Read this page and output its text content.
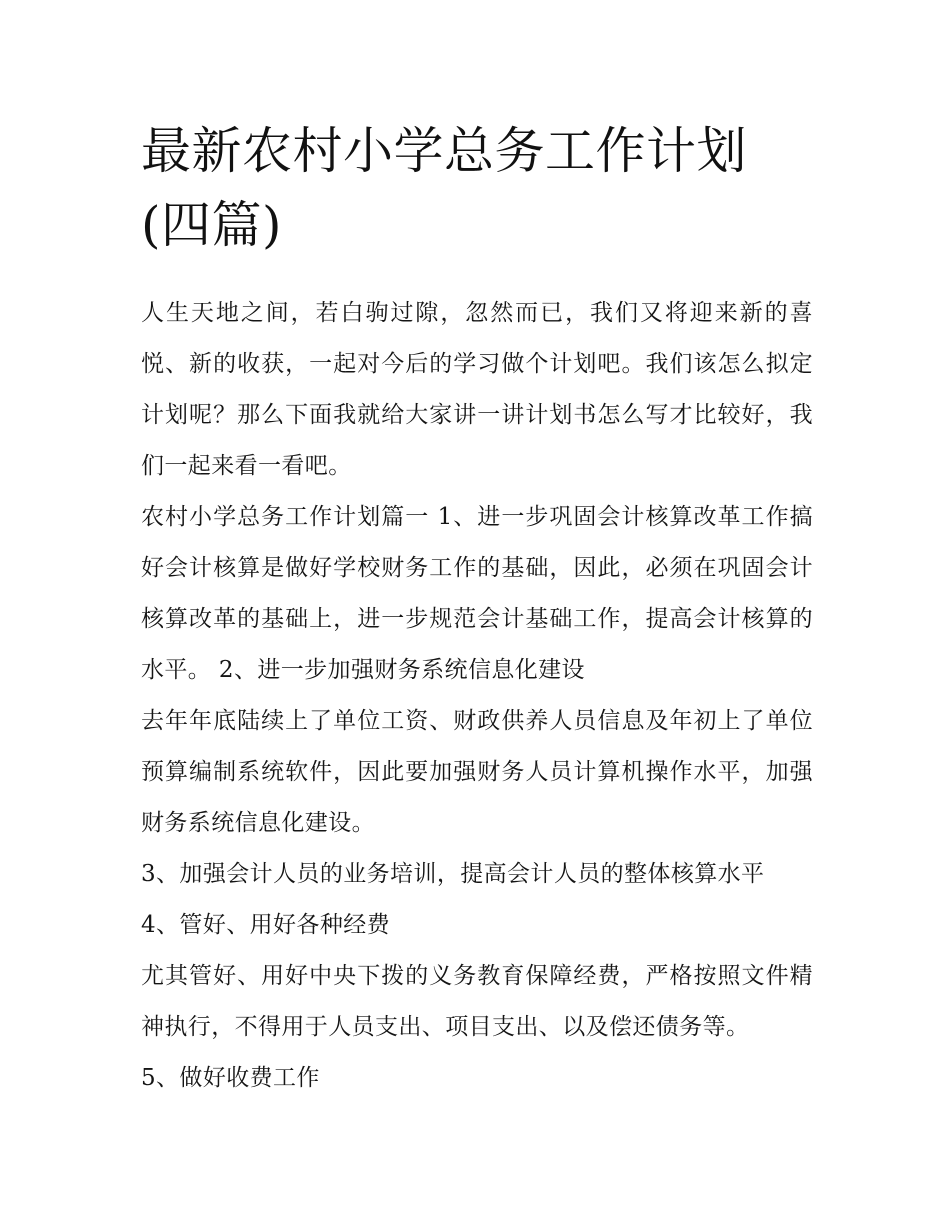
最新农村小学总务工作计划(四篇)

人生天地之间，若白驹过隙，忽然而已，我们又将迎来新的喜悦、新的收获，一起对今后的学习做个计划吧。我们该怎么拟定计划呢？那么下面我就给大家讲一讲计划书怎么写才比较好，我们一起来看一看吧。

农村小学总务工作计划篇一 1、进一步巩固会计核算改革工作搞好会计核算是做好学校财务工作的基础，因此，必须在巩固会计核算改革的基础上，进一步规范会计基础工作，提高会计核算的水平。 2、进一步加强财务系统信息化建设

去年年底陆续上了单位工资、财政供养人员信息及年初上了单位预算编制系统软件，因此要加强财务人员计算机操作水平，加强财务系统信息化建设。

3、加强会计人员的业务培训，提高会计人员的整体核算水平

4、管好、用好各种经费

尤其管好、用好中央下拨的义务教育保障经费，严格按照文件精神执行，不得用于人员支出、项目支出、以及偿还债务等。

5、做好收费工作
